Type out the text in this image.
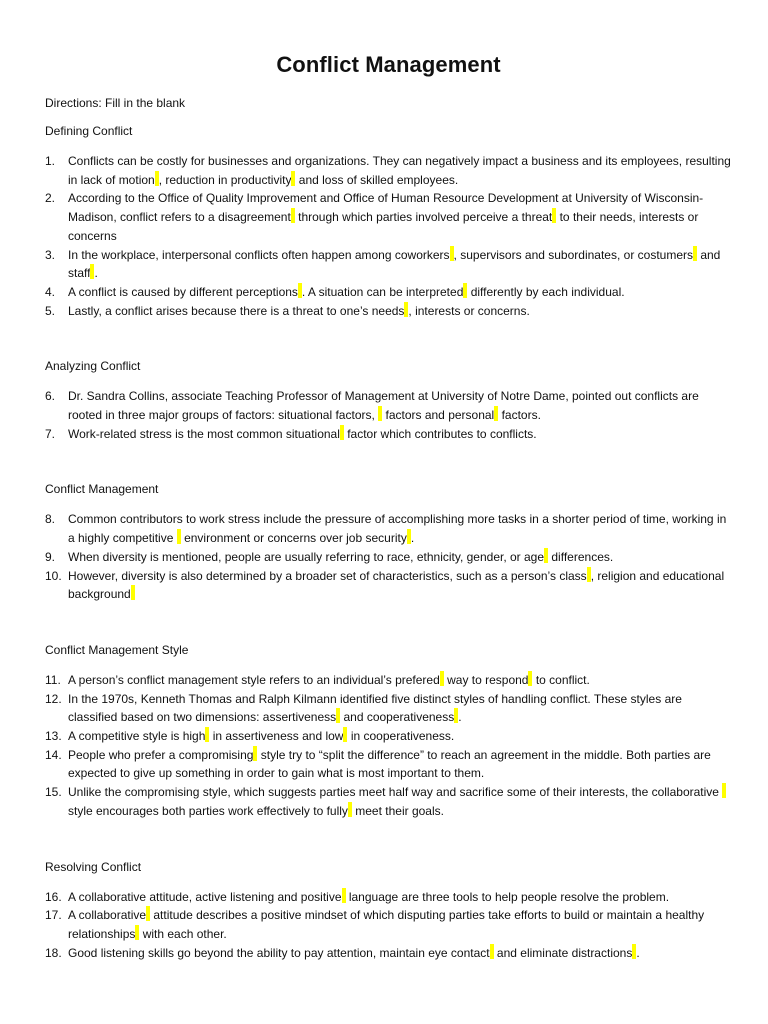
Conflict Management
Directions: Fill in the blank
Defining Conflict
1.	Conflicts can be costly for businesses and organizations. They can negatively impact a business and its employees, resulting in lack of motion , reduction in productivity and loss of skilled employees.
2.	According to the Office of Quality Improvement and Office of Human Resource Development at University of Wisconsin-Madison, conflict refers to a disagreement through which parties involved perceive a threat to their needs, interests or concerns
3.	In the workplace, interpersonal conflicts often happen among coworkers , supervisors and subordinates, or costumers and staff .
4.	A conflict is caused by different perceptions . A situation can be interpreted differently by each individual.
5.	Lastly, a conflict arises because there is a threat to one’s needs , interests or concerns.
Analyzing Conflict
6.	Dr. Sandra Collins, associate Teaching Professor of Management at University of Notre Dame, pointed out conflicts are rooted in three major groups of factors: situational factors,  factors and personal factors.
7.	Work-related stress is the most common situational factor which contributes to conflicts.
Conflict Management
8.	Common contributors to work stress include the pressure of accomplishing more tasks in a shorter period of time, working in a highly competitive  environment or concerns over job security .
9.	When diversity is mentioned, people are usually referring to race, ethnicity, gender, or age differences.
10. However, diversity is also determined by a broader set of characteristics, such as a person’s class , religion and educational background
Conflict Management Style
11. A person’s conflict management style refers to an individual’s prefered way to respond to conflict.
12. In the 1970s, Kenneth Thomas and Ralph Kilmann identified five distinct styles of handling conflict. These styles are classified based on two dimensions: assertiveness and cooperativeness .
13. A competitive style is high in assertiveness and low in cooperativeness.
14. People who prefer a compromising style try to “split the difference” to reach an agreement in the middle. Both parties are expected to give up something in order to gain what is most important to them.
15. Unlike the compromising style, which suggests parties meet half way and sacrifice some of their interests, the collaborative  style encourages both parties work effectively to fully meet their goals.
Resolving Conflict
16. A collaborative attitude, active listening and positive language are three tools to help people resolve the problem.
17. A collaborative attitude describes a positive mindset of which disputing parties take efforts to build or maintain a healthy relationships with each other.
18. Good listening skills go beyond the ability to pay attention, maintain eye contact and eliminate distractions .
